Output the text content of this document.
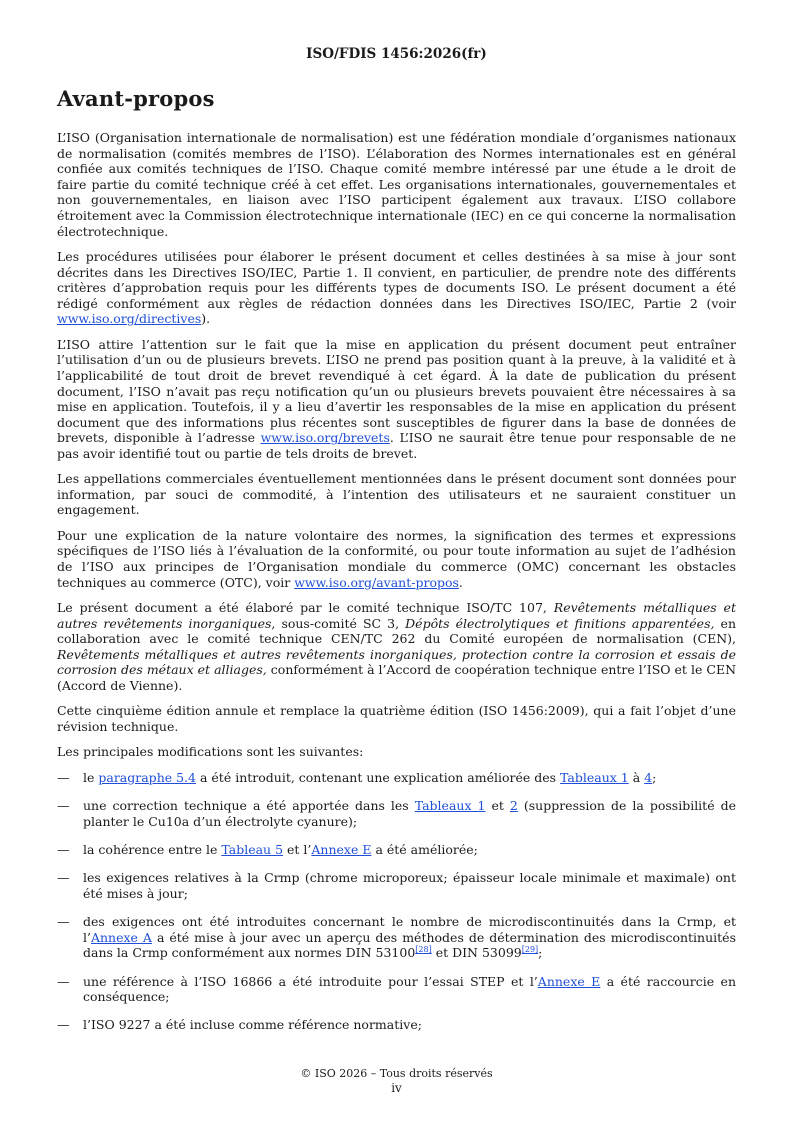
ISO/FDIS 1456:2026(fr)
Avant-propos

L’ISO (Organisation internationale de normalisation) est une fédération mondiale d’organismes nationaux de normalisation (comités membres de l’ISO). L’élaboration des Normes internationales est en général confiée aux comités techniques de l’ISO. Chaque comité membre intéressé par une étude a le droit de faire partie du comité technique créé à cet effet. Les organisations internationales, gouvernementales et non gouvernementales, en liaison avec l’ISO participent également aux travaux. L’ISO collabore étroitement avec la Commission électrotechnique internationale (IEC) en ce qui concerne la normalisation électrotechnique.

Les procédures utilisées pour élaborer le présent document et celles destinées à sa mise à jour sont décrites dans les Directives ISO/IEC, Partie 1. Il convient, en particulier, de prendre note des différents critères d’approbation requis pour les différents types de documents ISO. Le présent document a été rédigé conformément aux règles de rédaction données dans les Directives ISO/IEC, Partie 2 (voir www.iso.org/directives).

L’ISO attire l’attention sur le fait que la mise en application du présent document peut entraîner l’utilisation d’un ou de plusieurs brevets. L’ISO ne prend pas position quant à la preuve, à la validité et à l’applicabilité de tout droit de brevet revendiqué à cet égard. À la date de publication du présent document, l’ISO n’avait pas reçu notification qu’un ou plusieurs brevets pouvaient être nécessaires à sa mise en application. Toutefois, il y a lieu d’avertir les responsables de la mise en application du présent document que des informations plus récentes sont susceptibles de figurer dans la base de données de brevets, disponible à l’adresse www.iso.org/brevets. L’ISO ne saurait être tenue pour responsable de ne pas avoir identifié tout ou partie de tels droits de brevet.

Les appellations commerciales éventuellement mentionnées dans le présent document sont données pour information, par souci de commodité, à l’intention des utilisateurs et ne sauraient constituer un engagement.

Pour une explication de la nature volontaire des normes, la signification des termes et expressions spécifiques de l’ISO liés à l’évaluation de la conformité, ou pour toute information au sujet de l’adhésion de l’ISO aux principes de l’Organisation mondiale du commerce (OMC) concernant les obstacles techniques au commerce (OTC), voir www.iso.org/avant-propos.

Le présent document a été élaboré par le comité technique ISO/TC 107, Revêtements métalliques et autres revêtements inorganiques, sous-comité SC 3, Dépôts électrolytiques et finitions apparentées, en collaboration avec le comité technique CEN/TC 262 du Comité européen de normalisation (CEN), Revêtements métalliques et autres revêtements inorganiques, protection contre la corrosion et essais de corrosion des métaux et alliages, conformément à l’Accord de coopération technique entre l’ISO et le CEN (Accord de Vienne).

Cette cinquième édition annule et remplace la quatrième édition (ISO 1456:2009), qui a fait l’objet d’une révision technique.

Les principales modifications sont les suivantes:

— le paragraphe 5.4 a été introduit, contenant une explication améliorée des Tableaux 1 à 4;
— une correction technique a été apportée dans les Tableaux 1 et 2 (suppression de la possibilité de planter le Cu10a d’un électrolyte cyanure);
— la cohérence entre le Tableau 5 et l’Annexe E a été améliorée;
— les exigences relatives à la Crmp (chrome microporeux; épaisseur locale minimale et maximale) ont été mises à jour;
— des exigences ont été introduites concernant le nombre de microdiscontinuités dans la Crmp, et l’Annexe A a été mise à jour avec un aperçu des méthodes de détermination des microdiscontinuités dans la Crmp conformément aux normes DIN 53100[28] et DIN 53099[29];
— une référence à l’ISO 16866 a été introduite pour l’essai STEP et l’Annexe E a été raccourcie en conséquence;
— l’ISO 9227 a été incluse comme référence normative;
© ISO 2026 – Tous droits réservés
iv
